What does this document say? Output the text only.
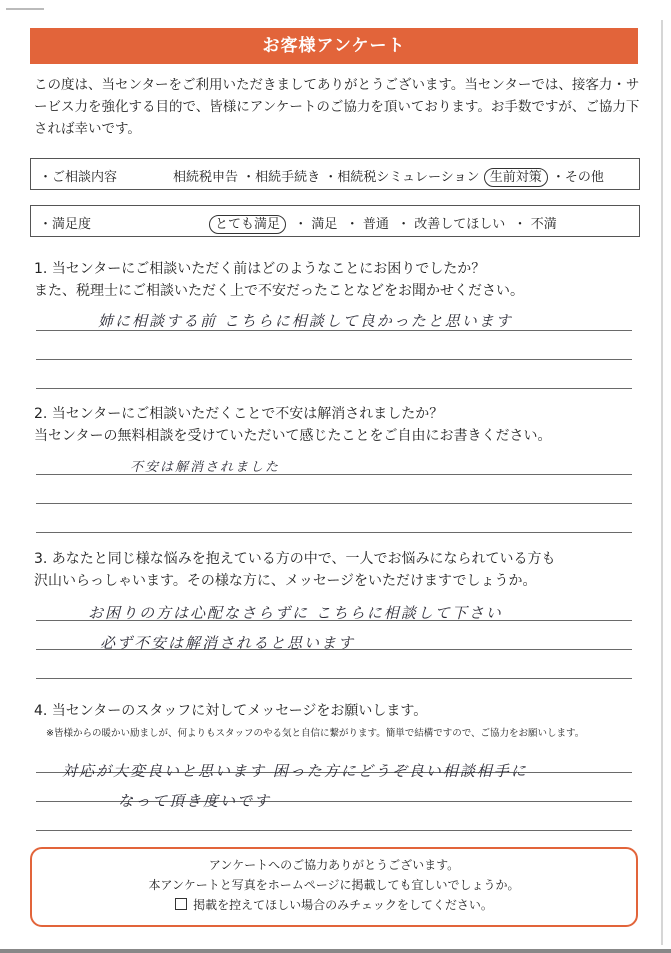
お客様アンケート
この度は、当センターをご利用いただきましてありがとうございます。当センターでは、接客力・サービス力を強化する目的で、皆様にアンケートのご協力を頂いております。お手数ですが、ご協力下されば幸いです。
・ご相談内容	相続税申告 ・相続手続き ・相続税シミュレーション 生前対策 ・その他
・満足度	とても満足  ・ 満足  ・ 普通  ・ 改善してほしい  ・ 不満
1. 当センターにご相談いただく前はどのようなことにお困りでしたか？
また、税理士にご相談いただく上で不安だったことなどをお聞かせください。
姉に相談する前 こちらに相談して良かったと思います
2. 当センターにご相談いただくことで不安は解消されましたか？
当センターの無料相談を受けていただいて感じたことをご自由にお書きください。
不安は解消されました
3. あなたと同じ様な悩みを抱えている方の中で、一人でお悩みになられている方も
沢山いらっしゃいます。その様な方に、メッセージをいただけますでしょうか。
お困りの方は心配なさらずに こちらに相談して下さい
必ず不安は解消されると思います
4. 当センターのスタッフに対してメッセージをお願いします。
※皆様からの暖かい励ましが、何よりもスタッフのやる気と自信に繋がります。簡単で結構ですので、ご協力をお願いします。
対応が大変良いと思います 困った方にどうぞ良い相談相手に
なって頂き度いです
アンケートへのご協力ありがとうございます。
本アンケートと写真をホームページに掲載しても宜しいでしょうか。
掲載を控えてほしい場合のみチェックをしてください。
